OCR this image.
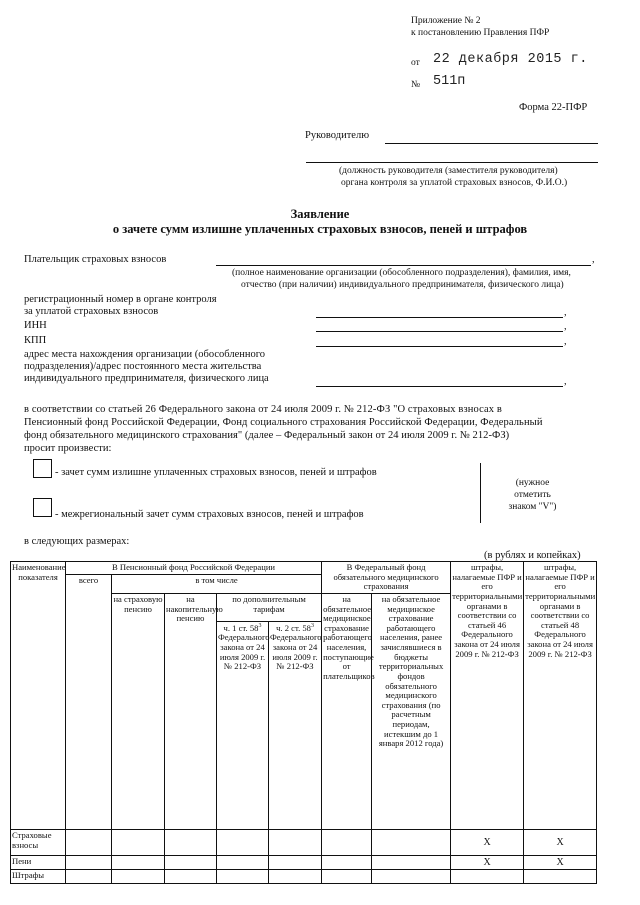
Приложение № 2
к постановлению Правления ПФР
от 22 декабря 2015 г.
№ 511п
Форма 22-ПФР
Руководителю
(должность руководителя (заместителя руководителя)
органа контроля за уплатой страховых взносов, Ф.И.О.)
Заявление
о зачете сумм излишне уплаченных страховых взносов, пеней и штрафов
Плательщик страховых взносов	,
(полное наименование организации (обособленного подразделения), фамилия, имя,
отчество (при наличии) индивидуального предпринимателя, физического лица)
регистрационный номер в органе контроля
за уплатой страховых взносов	,
ИНН	,
КПП	,
адрес места нахождения организации (обособленного
подразделения)/адрес постоянного места жительства
индивидуального предпринимателя, физического лица	,
в соответствии со статьей 26 Федерального закона от 24 июля 2009 г. № 212-ФЗ "О страховых взносах в
Пенсионный фонд Российской Федерации, Фонд социального страхования Российской Федерации, Федеральный
фонд обязательного медицинского страхования" (далее – Федеральный закон от 24 июля 2009 г. № 212-ФЗ)
просит произвести:
- зачет сумм излишне уплаченных страховых взносов, пеней и штрафов
- межрегиональный зачет сумм страховых взносов, пеней и штрафов
(нужное
отметить
знаком "V")
в следующих размерах:
(в рублях и копейках)
Наименование показателя	В Пенсионный фонд Российской Федерации					В Федеральный фонд обязательного медицинского страхования		штрафы, налагаемые ПФР и его территориальными органами в соответствии со статьей 46 Федерального закона от 24 июля 2009 г. № 212-ФЗ	штрафы, налагаемые ПФР и его территориальными органами в соответствии со статьей 48 Федерального закона от 24 июля 2009 г. № 212-ФЗ
	всего	в том числе							
		на страховую пенсию	на накопительную пенсию	по дополнительным тарифам		на обязательное медицинское страхование работающего населения, поступающие от плательщиков	на обязательное медицинское страхование работающего населения, ранее зачислявшиеся в бюджеты территориальных фондов обязательного медицинского страхования (по расчетным периодам, истекшим до 1 января 2012 года)		
				ч. 1 ст. $58^3$ Федерального закона от 24 июля 2009 г. № 212-ФЗ	ч. 2 ст. $58^3$ Федерального закона от 24 июля 2009 г. № 212-ФЗ				
Страховые взносы								X	X
Пени								X	X
Штрафы									
